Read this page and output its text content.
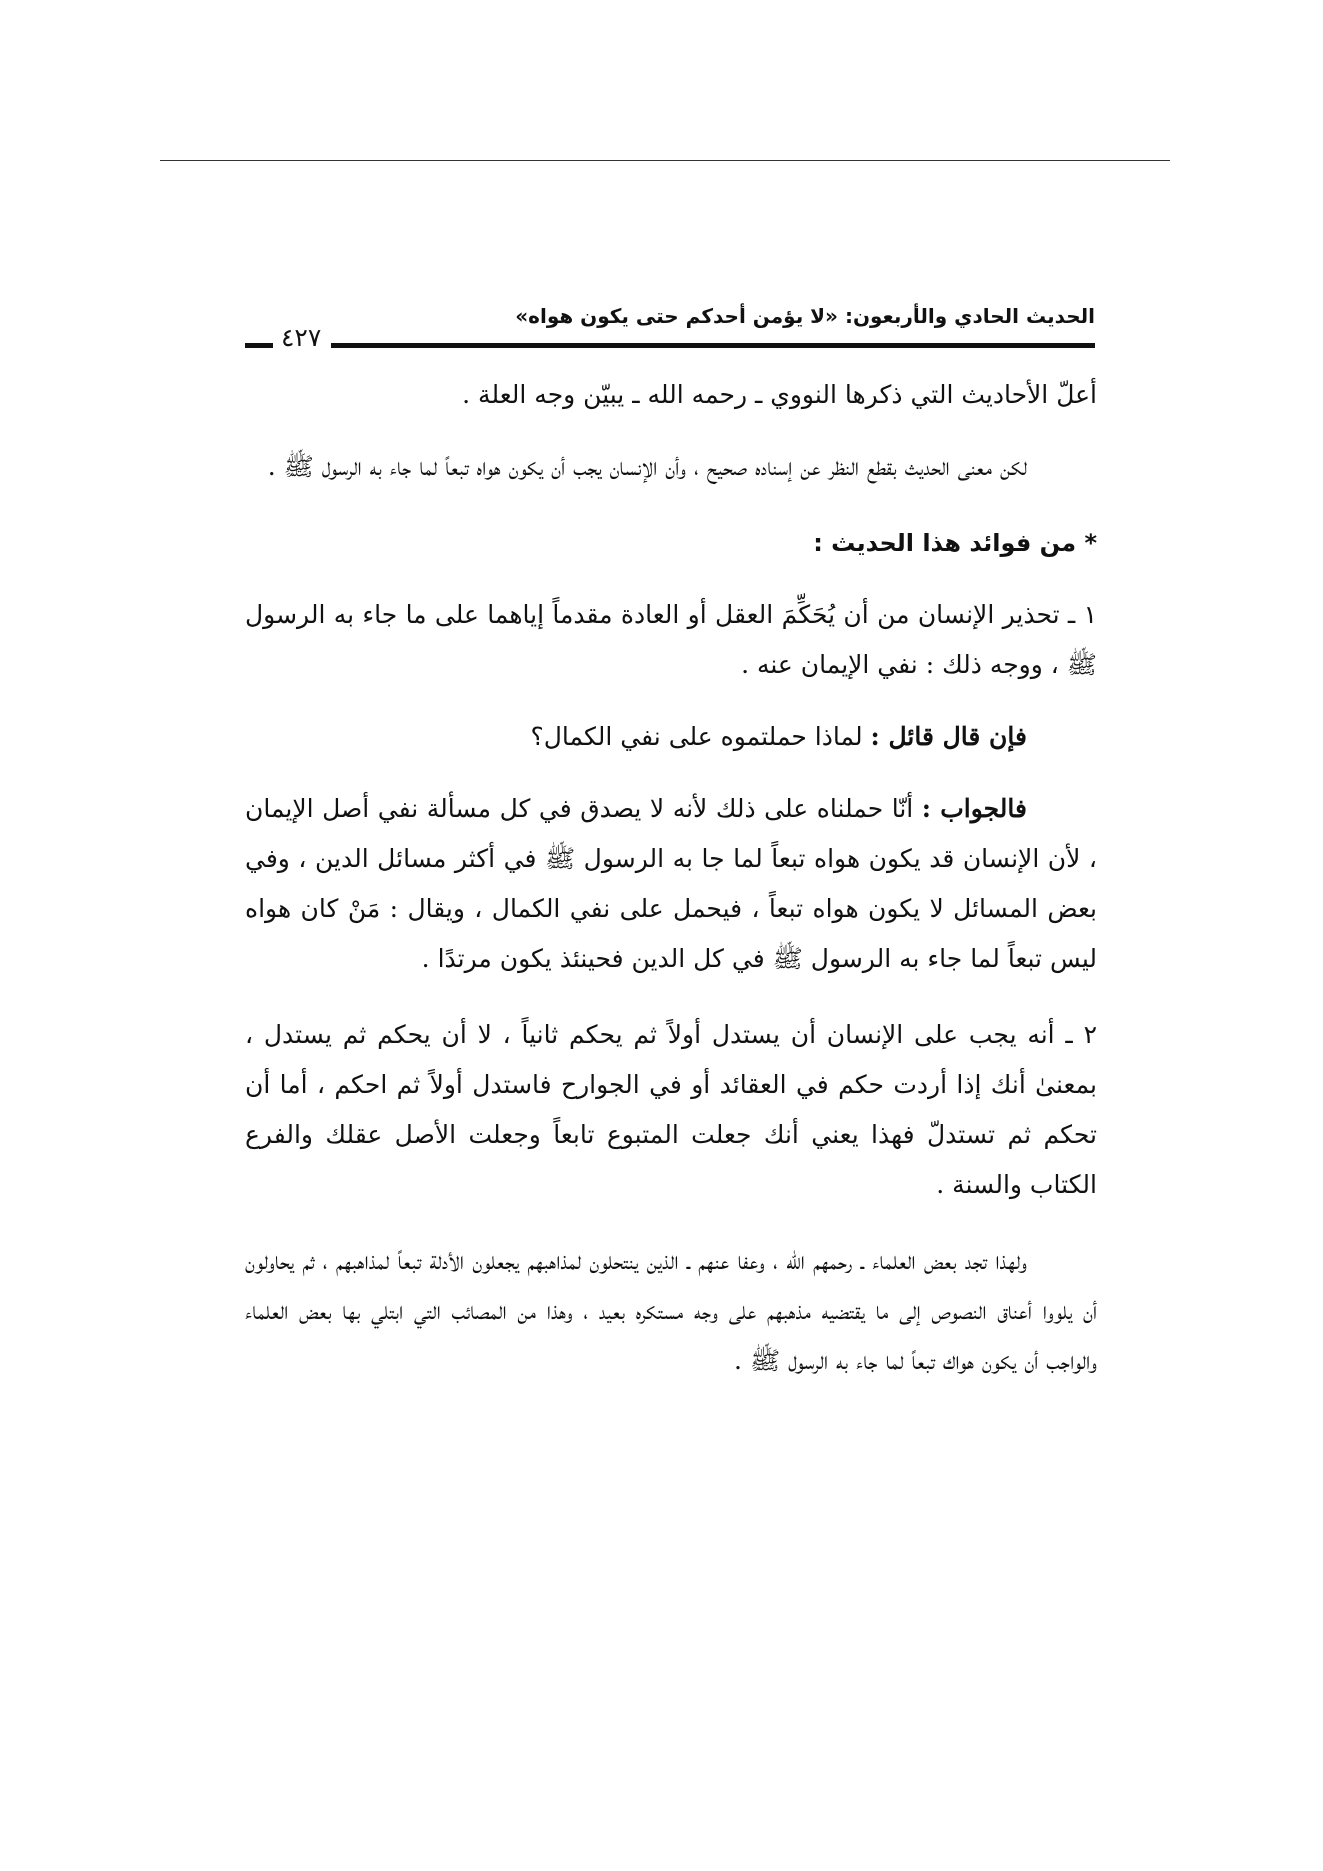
الحديث الحادي والأربعون: «لا يؤمن أحدكم حتى يكون هواه»
٤٢٧

أعلّ الأحاديث التي ذكرها النووي ـ رحمه الله ـ يبيّن وجه العلة .

لكن معنى الحديث بقطع النظر عن إسناده صحيح ، وأن الإنسان يجب أن يكون هواه تبعاً لما جاء به الرسول ﷺ .

* من فوائد هذا الحديث :

١ ـ تحذير الإنسان من أن يُحَكِّمَ العقل أو العادة مقدماً إياهما على ما جاء به الرسول ﷺ ، ووجه ذلك : نفي الإيمان عنه .

فإن قال قائل : لماذا حملتموه على نفي الكمال؟

فالجواب : أنّا حملناه على ذلك لأنه لا يصدق في كل مسألة نفي أصل الإيمان ، لأن الإنسان قد يكون هواه تبعاً لما جا به الرسول ﷺ في أكثر مسائل الدين ، وفي بعض المسائل لا يكون هواه تبعاً ، فيحمل على نفي الكمال ، ويقال : مَنْ كان هواه ليس تبعاً لما جاء به الرسول ﷺ في كل الدين فحينئذ يكون مرتدًا .

٢ ـ أنه يجب على الإنسان أن يستدل أولاً ثم يحكم ثانياً ، لا أن يحكم ثم يستدل ، بمعنىٰ أنك إذا أردت حكم في العقائد أو في الجوارح فاستدل أولاً ثم احكم ، أما أن تحكم ثم تستدلّ فهذا يعني أنك جعلت المتبوع تابعاً وجعلت الأصل عقلك والفرع الكتاب والسنة .

ولهذا تجد بعض العلماء ـ رحمهم الله ، وعفا عنهم ـ الذين ينتحلون لمذاهبهم يجعلون الأدلة تبعاً لمذاهبهم ، ثم يحاولون أن يلووا أعناق النصوص إلى ما يقتضيه مذهبهم على وجه مستكره بعيد ، وهذا من المصائب التي ابتلي بها بعض العلماء والواجب أن يكون هواك تبعاً لما جاء به الرسول ﷺ .
